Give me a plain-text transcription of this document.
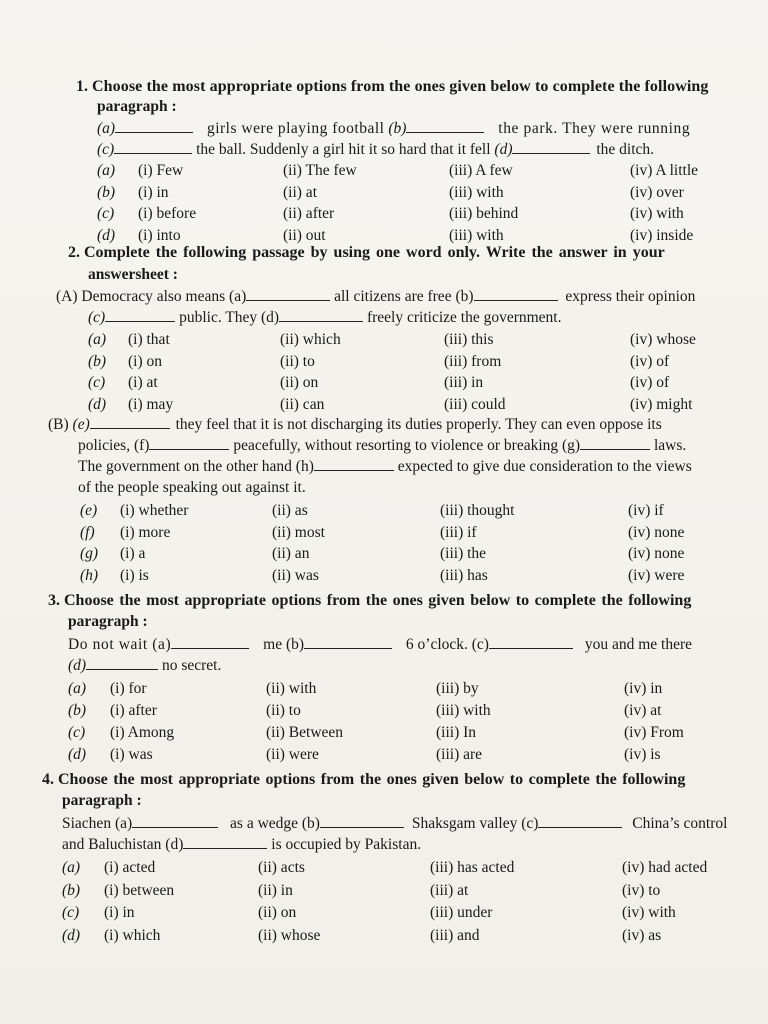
1. Choose the most appropriate options from the ones given below to complete the following
paragraph :
(a)	girls were playing football (b)	the park. They were running
(c)	the ball. Suddenly a girl hit it so hard that it fell (d)	the ditch.
(a) (i) Few	(ii) The few	(iii) A few	(iv) A little
(b) (i) in	(ii) at	(iii) with	(iv) over
(c) (i) before	(ii) after	(iii) behind	(iv) with
(d) (i) into	(ii) out	(iii) with	(iv) inside
2. Complete the following passage by using one word only. Write the answer in your
answersheet :
(A) Democracy also means (a)	all citizens are free (b)	express their opinion
(c)	public. They (d)	freely criticize the government.
(a) (i) that	(ii) which	(iii) this	(iv) whose
(b) (i) on	(ii) to	(iii) from	(iv) of
(c) (i) at	(ii) on	(iii) in	(iv) of
(d) (i) may	(ii) can	(iii) could	(iv) might
(B) (e)	they feel that it is not discharging its duties properly. They can even oppose its
policies, (f)	peacefully, without resorting to violence or breaking (g)	laws.
The government on the other hand (h)	expected to give due consideration to the views
of the people speaking out against it.
(e) (i) whether	(ii) as	(iii) thought	(iv) if
(f) (i) more	(ii) most	(iii) if	(iv) none
(g) (i) a	(ii) an	(iii) the	(iv) none
(h) (i) is	(ii) was	(iii) has	(iv) were
3. Choose the most appropriate options from the ones given below to complete the following
paragraph :
Do not wait (a)	me (b)	6 o’clock. (c)	you and me there
(d)	no secret.
(a) (i) for	(ii) with	(iii) by	(iv) in
(b) (i) after	(ii) to	(iii) with	(iv) at
(c) (i) Among	(ii) Between	(iii) In	(iv) From
(d) (i) was	(ii) were	(iii) are	(iv) is
4. Choose the most appropriate options from the ones given below to complete the following
paragraph :
Siachen (a)	as a wedge (b)	Shaksgam valley (c)	China’s control
and Baluchistan (d)	is occupied by Pakistan.
(a) (i) acted	(ii) acts	(iii) has acted	(iv) had acted
(b) (i) between	(ii) in	(iii) at	(iv) to
(c) (i) in	(ii) on	(iii) under	(iv) with
(d) (i) which	(ii) whose	(iii) and	(iv) as
